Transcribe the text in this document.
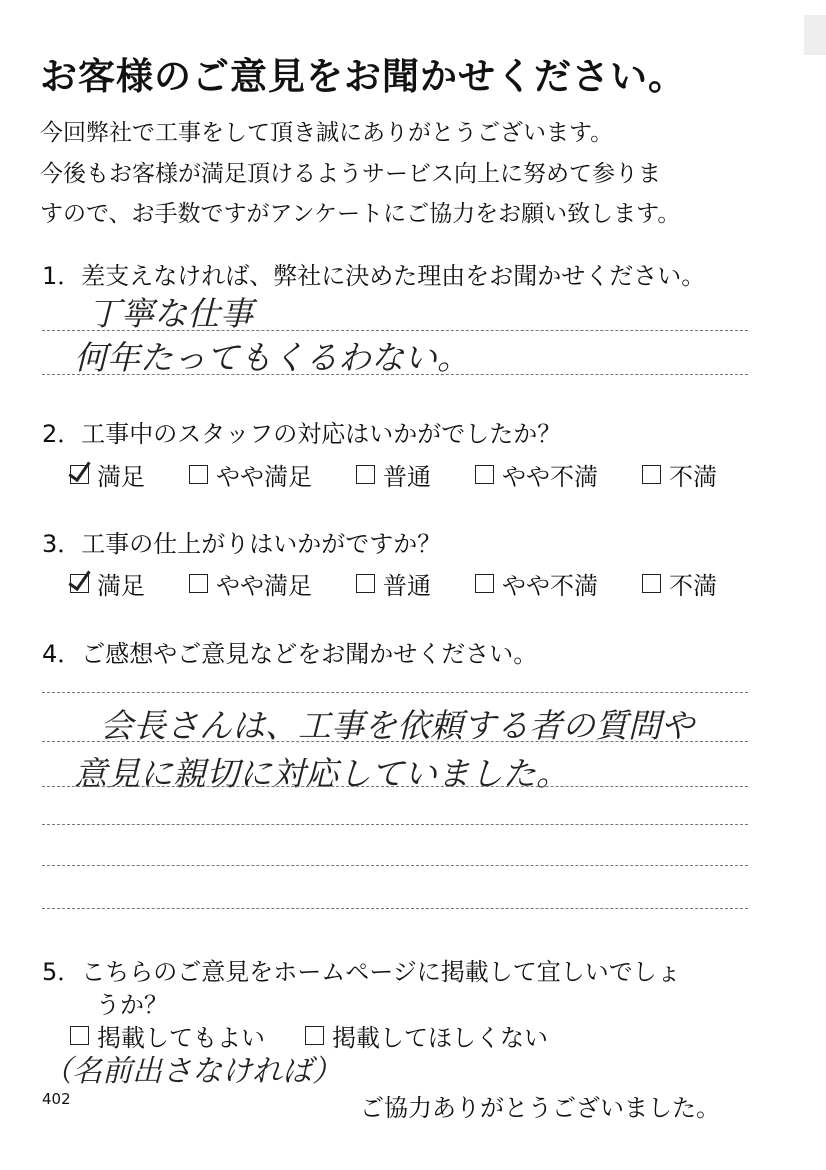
お客様のご意見をお聞かせください。
今回弊社で工事をして頂き誠にありがとうございます。
今後もお客様が満足頂けるようサービス向上に努めて参りま
すので、お手数ですがアンケートにご協力をお願い致します。
1．差支えなければ、弊社に決めた理由をお聞かせください。
丁寧な仕事
何年たってもくるわない。
2．工事中のスタッフの対応はいかがでしたか？
満足	やや満足	普通	やや不満	不満
3．工事の仕上がりはいかがですか？
満足	やや満足	普通	やや不満	不満
4．ご感想やご意見などをお聞かせください。
会長さんは、工事を依頼する者の質問や
意見に親切に対応していました。
5．こちらのご意見をホームページに掲載して宜しいでしょ
うか？
掲載してもよい	掲載してほしくない
（名前出さなければ）
402	ご協力ありがとうございました。
